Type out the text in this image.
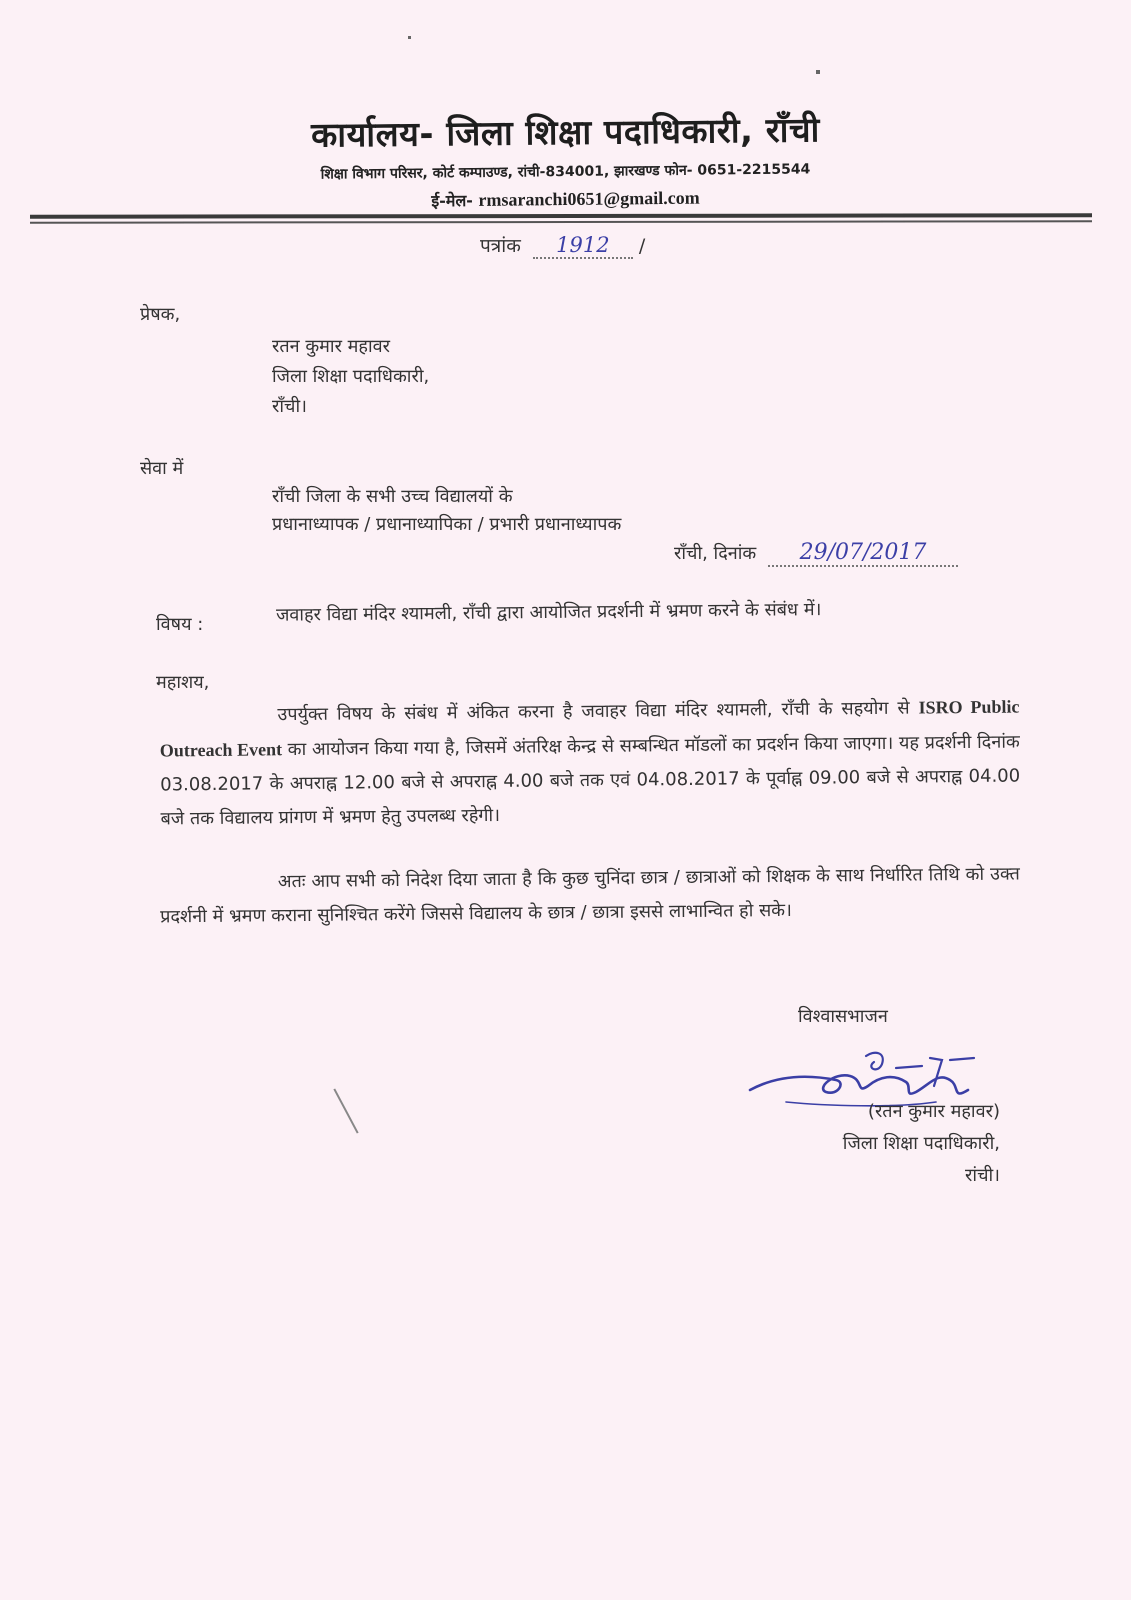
कार्यालय- जिला शिक्षा पदाधिकारी, राँची
शिक्षा विभाग परिसर, कोर्ट कम्पाउण्ड, रांची-834001, झारखण्ड फोन- 0651-2215544
ई-मेल- rmsaranchi0651@gmail.com
पत्रांक 1912 /
प्रेषक,
रतन कुमार महावर
जिला शिक्षा पदाधिकारी,
राँची।
सेवा में
राँची जिला के सभी उच्च विद्यालयों के
प्रधानाध्यापक / प्रधानाध्यापिका / प्रभारी प्रधानाध्यापक
राँची, दिनांक 29/07/2017
विषय :	जवाहर विद्या मंदिर श्यामली, राँची द्वारा आयोजित प्रदर्शनी में भ्रमण करने के संबंध में।
महाशय,
उपर्युक्त विषय के संबंध में अंकित करना है जवाहर विद्या मंदिर श्यामली, राँची के सहयोग से ISRO Public Outreach Event का आयोजन किया गया है, जिसमें अंतरिक्ष केन्द्र से सम्बन्धित मॉडलों का प्रदर्शन किया जाएगा। यह प्रदर्शनी दिनांक 03.08.2017 के अपराह्न 12.00 बजे से अपराह्न 4.00 बजे तक एवं 04.08.2017 के पूर्वाह्न 09.00 बजे से अपराह्न 04.00 बजे तक विद्यालय प्रांगण में भ्रमण हेतु उपलब्ध रहेगी।
अतः आप सभी को निदेश दिया जाता है कि कुछ चुनिंदा छात्र / छात्राओं को शिक्षक के साथ निर्धारित तिथि को उक्त प्रदर्शनी में भ्रमण कराना सुनिश्चित करेंगे जिससे विद्यालय के छात्र / छात्रा इससे लाभान्वित हो सके।
विश्वासभाजन
(रतन कुमार महावर)
जिला शिक्षा पदाधिकारी,
रांची।
